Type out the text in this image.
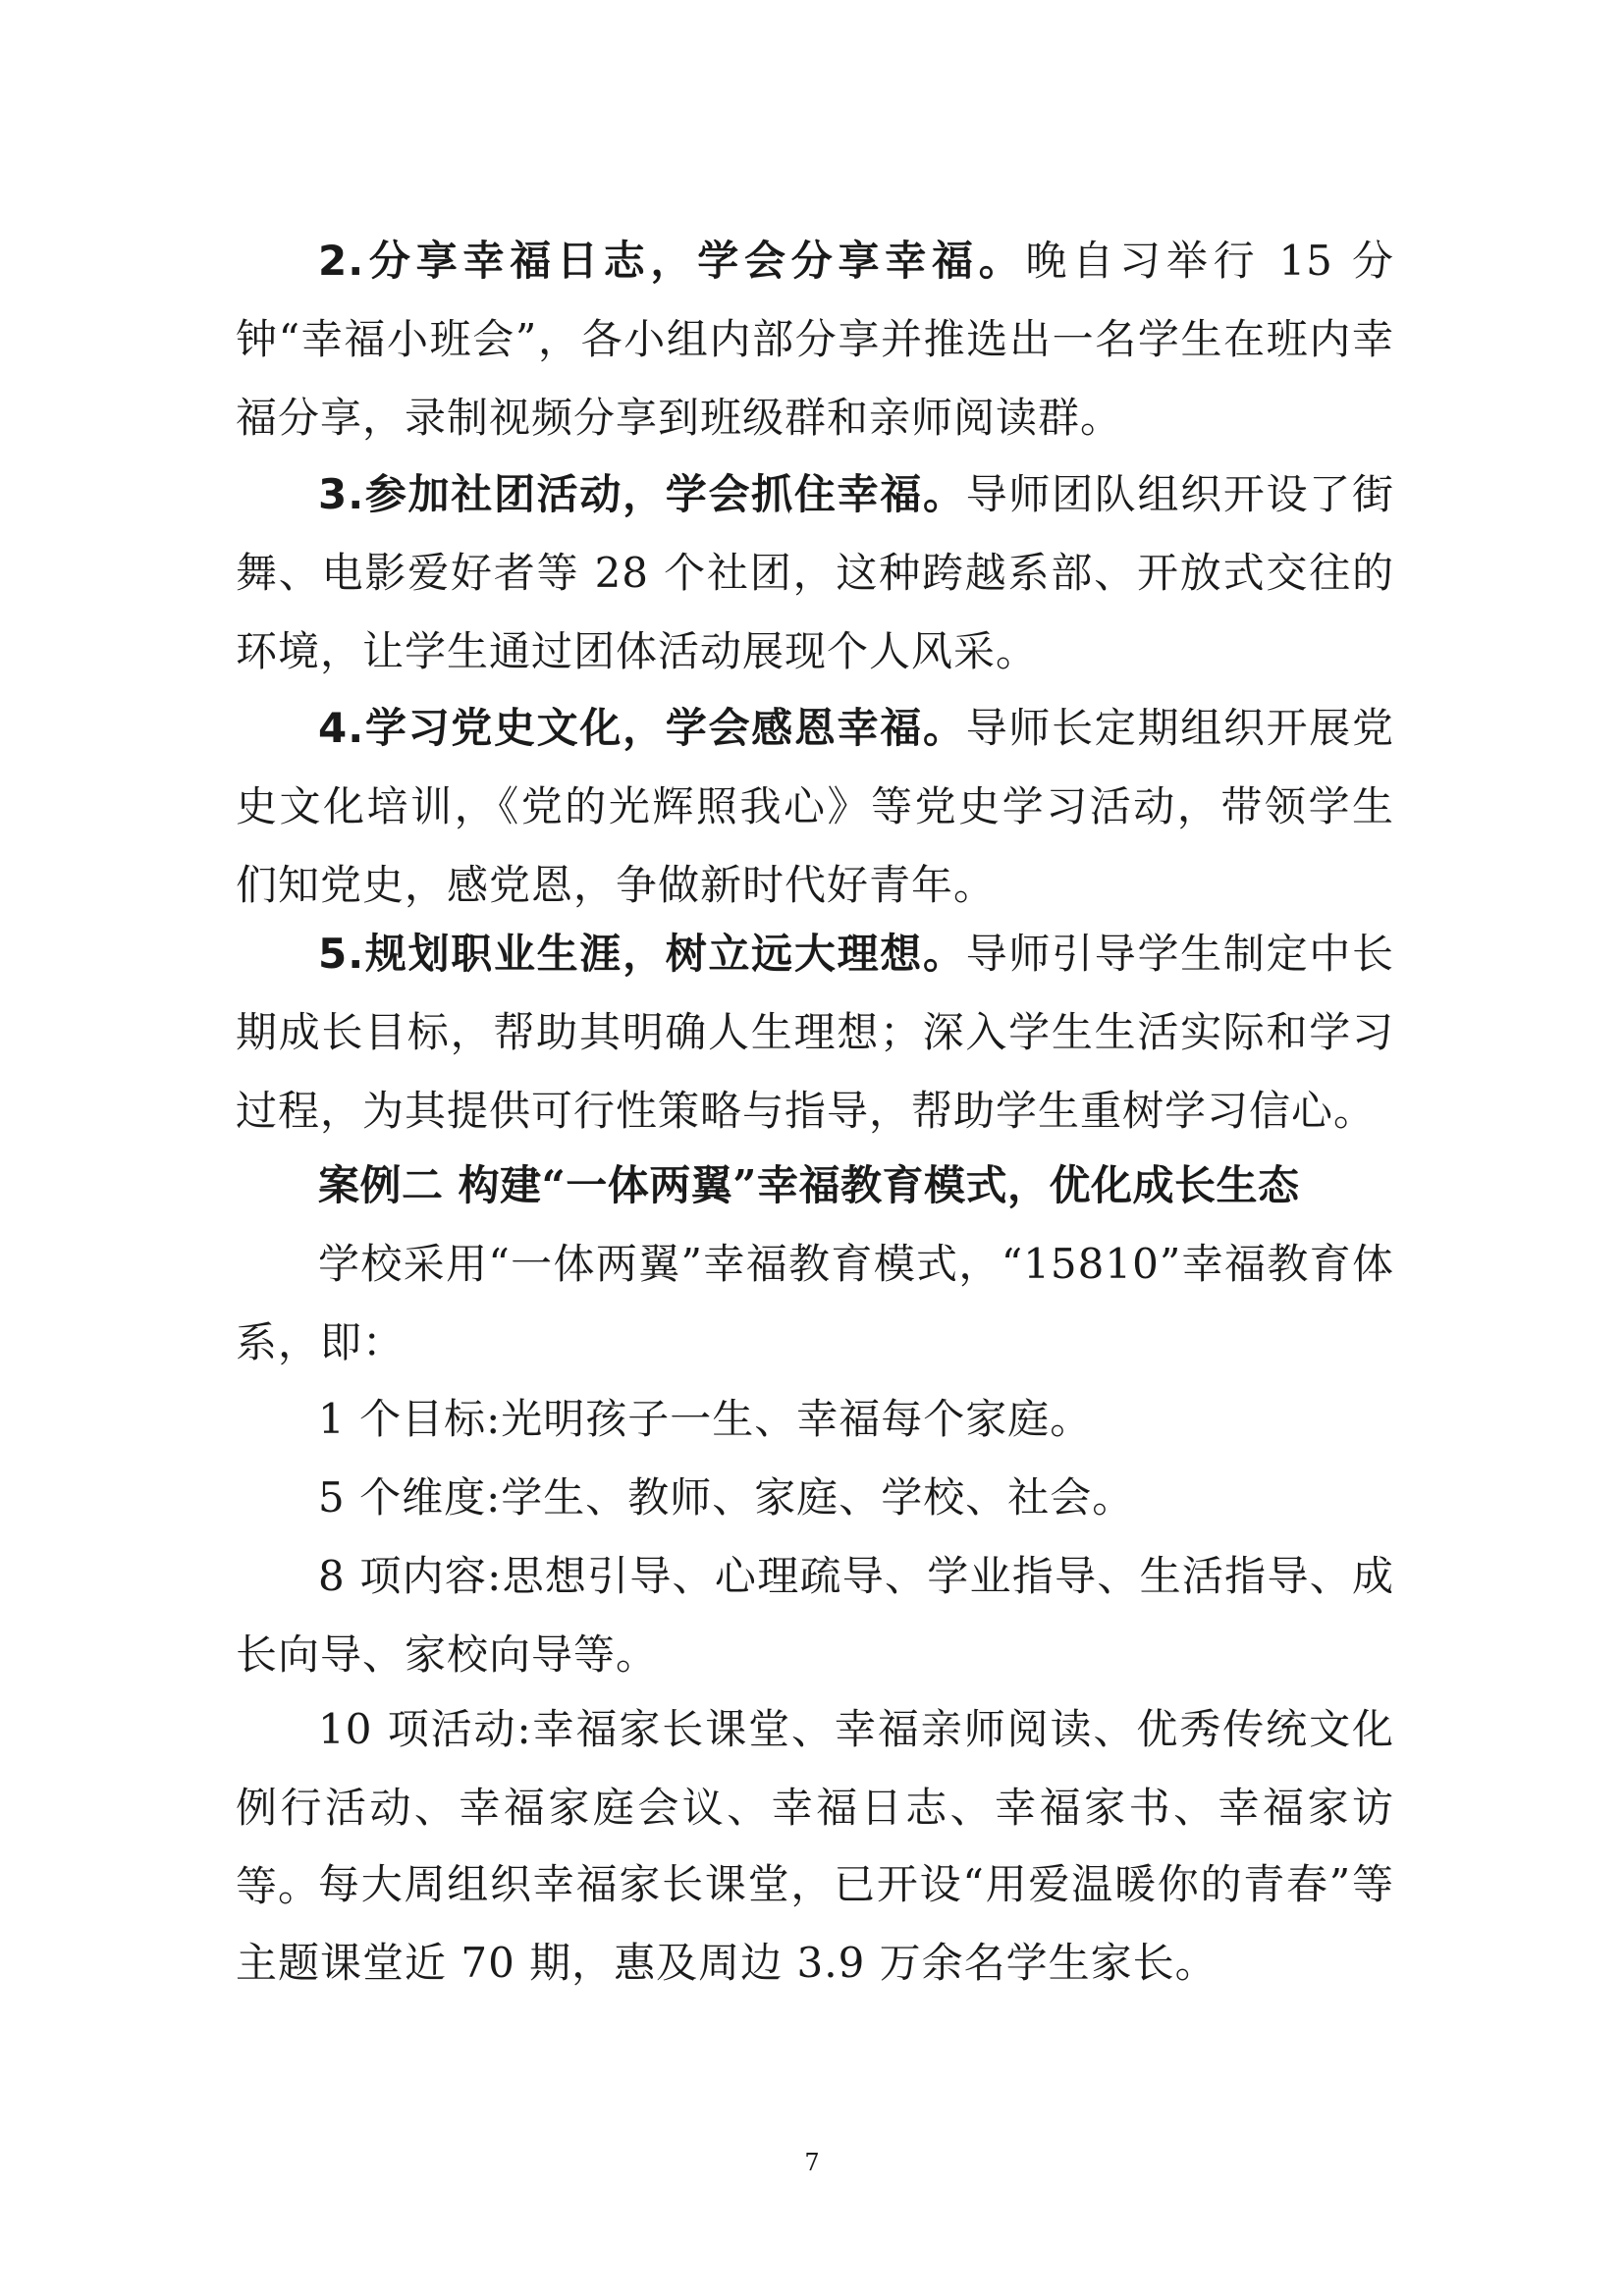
2.分享幸福日志，学会分享幸福。晚自习举行 15 分钟“幸福小班会”，各小组内部分享并推选出一名学生在班内幸福分享，录制视频分享到班级群和亲师阅读群。

3.参加社团活动，学会抓住幸福。导师团队组织开设了街舞、电影爱好者等 28 个社团，这种跨越系部、开放式交往的环境，让学生通过团体活动展现个人风采。

4.学习党史文化，学会感恩幸福。导师长定期组织开展党史文化培训，《党的光辉照我心》等党史学习活动，带领学生们知党史，感党恩，争做新时代好青年。

5.规划职业生涯，树立远大理想。导师引导学生制定中长期成长目标，帮助其明确人生理想；深入学生生活实际和学习过程，为其提供可行性策略与指导，帮助学生重树学习信心。

案例二 构建“一体两翼”幸福教育模式，优化成长生态

学校采用“一体两翼”幸福教育模式，“15810”幸福教育体系，即：

1 个目标:光明孩子一生、幸福每个家庭。

5 个维度:学生、教师、家庭、学校、社会。

8 项内容:思想引导、心理疏导、学业指导、生活指导、成长向导、家校向导等。

10 项活动:幸福家长课堂、幸福亲师阅读、优秀传统文化例行活动、幸福家庭会议、幸福日志、幸福家书、幸福家访等。

每大周组织幸福家长课堂，已开设“用爱温暖你的青春”等主题课堂近 70 期，惠及周边 3.9 万余名学生家长。

7
